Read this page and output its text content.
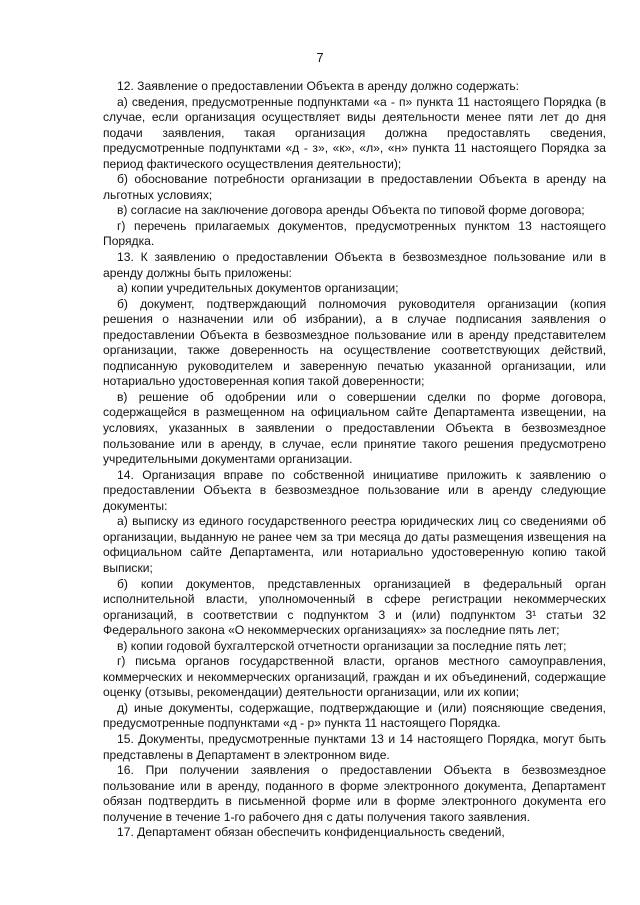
7

12. Заявление о предоставлении Объекта в аренду должно содержать:

а) сведения, предусмотренные подпунктами «а - п» пункта 11 настоящего Порядка (в случае, если организация осуществляет виды деятельности менее пяти лет до дня подачи заявления, такая организация должна предоставлять сведения, предусмотренные подпунктами «д - з», «к», «л», «н» пункта 11 настоящего Порядка за период фактического осуществления деятельности);

б) обоснование потребности организации в предоставлении Объекта в аренду на льготных условиях;

в) согласие на заключение договора аренды Объекта по типовой форме договора;

г) перечень прилагаемых документов, предусмотренных пунктом 13 настоящего Порядка.

13. К заявлению о предоставлении Объекта в безвозмездное пользование или в аренду должны быть приложены:

а) копии учредительных документов организации;

б) документ, подтверждающий полномочия руководителя организации (копия решения о назначении или об избрании), а в случае подписания заявления о предоставлении Объекта в безвозмездное пользование или в аренду представителем организации, также доверенность на осуществление соответствующих действий, подписанную руководителем и заверенную печатью указанной организации, или нотариально удостоверенная копия такой доверенности;

в) решение об одобрении или о совершении сделки по форме договора, содержащейся в размещенном на официальном сайте Департамента извещении, на условиях, указанных в заявлении о предоставлении Объекта в безвозмездное пользование или в аренду, в случае, если принятие такого решения предусмотрено учредительными документами организации.

14. Организация вправе по собственной инициативе приложить к заявлению о предоставлении Объекта в безвозмездное пользование или в аренду следующие документы:

а) выписку из единого государственного реестра юридических лиц со сведениями об организации, выданную не ранее чем за три месяца до даты размещения извещения на официальном сайте Департамента, или нотариально удостоверенную копию такой выписки;

б) копии документов, представленных организацией в федеральный орган исполнительной власти, уполномоченный в сфере регистрации некоммерческих организаций, в соответствии с подпунктом 3 и (или) подпунктом 3¹ статьи 32 Федерального закона «О некоммерческих организациях» за последние пять лет;

в) копии годовой бухгалтерской отчетности организации за последние пять лет;

г) письма органов государственной власти, органов местного самоуправления, коммерческих и некоммерческих организаций, граждан и их объединений, содержащие оценку (отзывы, рекомендации) деятельности организации, или их копии;

д) иные документы, содержащие, подтверждающие и (или) поясняющие сведения, предусмотренные подпунктами «д - р» пункта 11 настоящего Порядка.

15. Документы, предусмотренные пунктами 13 и 14 настоящего Порядка, могут быть представлены в Департамент в электронном виде.

16. При получении заявления о предоставлении Объекта в безвозмездное пользование или в аренду, поданного в форме электронного документа, Департамент обязан подтвердить в письменной форме или в форме электронного документа его получение в течение 1-го рабочего дня с даты получения такого заявления.

17. Департамент обязан обеспечить конфиденциальность сведений,
